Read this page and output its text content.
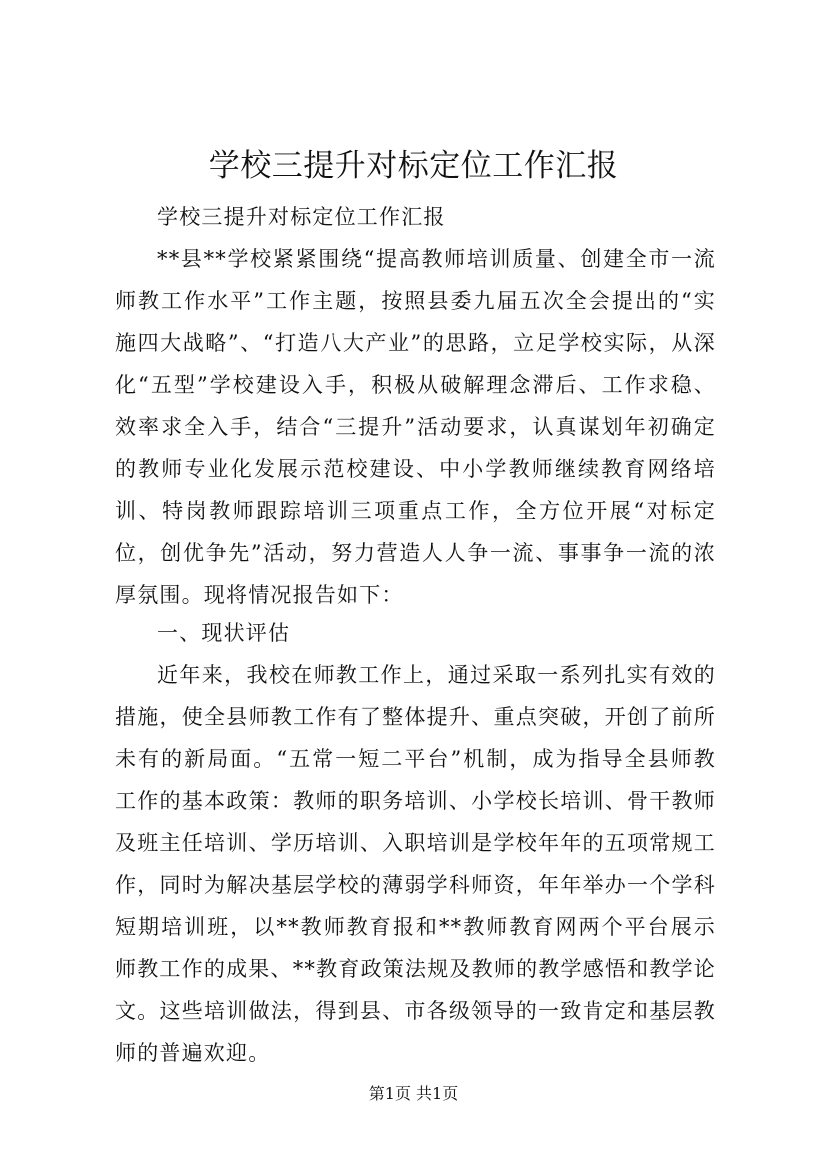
学校三提升对标定位工作汇报
学校三提升对标定位工作汇报
**县**学校紧紧围绕“提高教师培训质量、创建全市一流师教工作水平”工作主题，按照县委九届五次全会提出的“实施四大战略”、“打造八大产业”的思路，立足学校实际，从深化“五型”学校建设入手，积极从破解理念滞后、工作求稳、效率求全入手，结合“三提升”活动要求，认真谋划年初确定的教师专业化发展示范校建设、中小学教师继续教育网络培训、特岗教师跟踪培训三项重点工作，全方位开展“对标定位，创优争先”活动，努力营造人人争一流、事事争一流的浓厚氛围。现将情况报告如下：
一、现状评估
近年来，我校在师教工作上，通过采取一系列扎实有效的措施，使全县师教工作有了整体提升、重点突破，开创了前所未有的新局面。“五常一短二平台”机制，成为指导全县师教工作的基本政策：教师的职务培训、小学校长培训、骨干教师及班主任培训、学历培训、入职培训是学校年年的五项常规工作，同时为解决基层学校的薄弱学科师资，年年举办一个学科短期培训班，以**教师教育报和**教师教育网两个平台展示师教工作的成果、**教育政策法规及教师的教学感悟和教学论文。这些培训做法，得到县、市各级领导的一致肯定和基层教师的普遍欢迎。
第1页 共1页
